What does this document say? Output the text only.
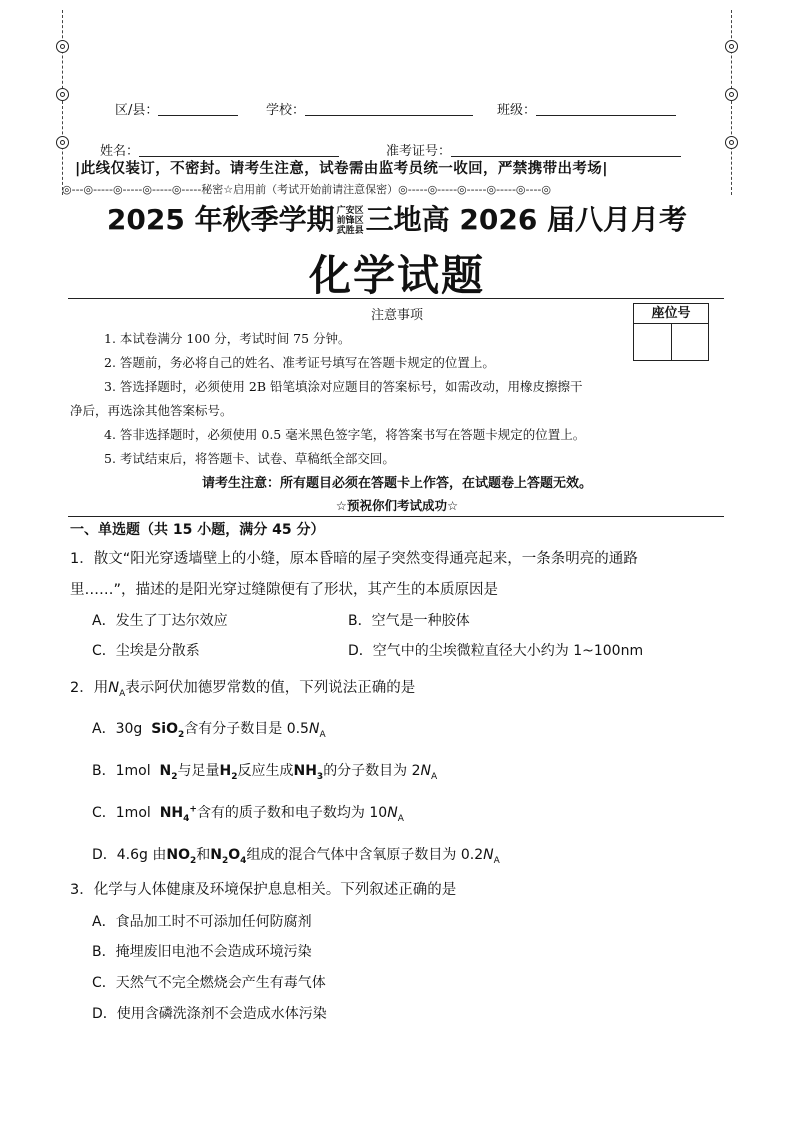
区/县：	学校：	班级：
姓名：	准考证号：
|此线仅装订，不密封。请考生注意，试卷需由监考员统一收回，严禁携带出考场|
◎---◎-----◎-----◎-----◎-----秘密☆启用前（考试开始前请注意保密）◎-----◎-----◎-----◎-----◎----◎
2025 年秋季学期 广安区
前锋区
武胜县三地高 2026 届八月月考
化学试题
注意事项	座位号
1. 本试卷满分 100 分，考试时间 75 分钟。
2. 答题前，务必将自己的姓名、准考证号填写在答题卡规定的位置上。
3. 答选择题时，必须使用 2B 铅笔填涂对应题目的答案标号，如需改动，用橡皮擦擦干
净后，再选涂其他答案标号。
4. 答非选择题时，必须使用 0.5 毫米黑色签字笔，将答案书写在答题卡规定的位置上。
5. 考试结束后，将答题卡、试卷、草稿纸全部交回。
请考生注意：所有题目必须在答题卡上作答，在试题卷上答题无效。
☆预祝你们考试成功☆
一、单选题（共 15 小题，满分 45 分）
1．散文“阳光穿透墙壁上的小缝，原本昏暗的屋子突然变得通亮起来，一条条明亮的通路
里……”，描述的是阳光穿过缝隙便有了形状，其产生的本质原因是
A．发生了丁达尔效应	B．空气是一种胶体
C．尘埃是分散系	D．空气中的尘埃微粒直径大小约为 1~100nm
2．用$N_A$表示阿伏加德罗常数的值，下列说法正确的是
A．30g SiO$_2$含有分子数目是 $0.5N_A$
B．1mol $N_2$与足量$H_2$反应生成$NH_3$的分子数目为 $2N_A$
C．1mol $NH_4^+$含有的质子数和电子数均为 $10N_A$
D．4.6g 由$NO_2$和$N_2O_4$组成的混合气体中含氧原子数目为 $0.2N_A$
3．化学与人体健康及环境保护息息相关。下列叙述正确的是
A．食品加工时不可添加任何防腐剂
B．掩埋废旧电池不会造成环境污染
C．天然气不完全燃烧会产生有毒气体
D．使用含磷洗涤剂不会造成水体污染
